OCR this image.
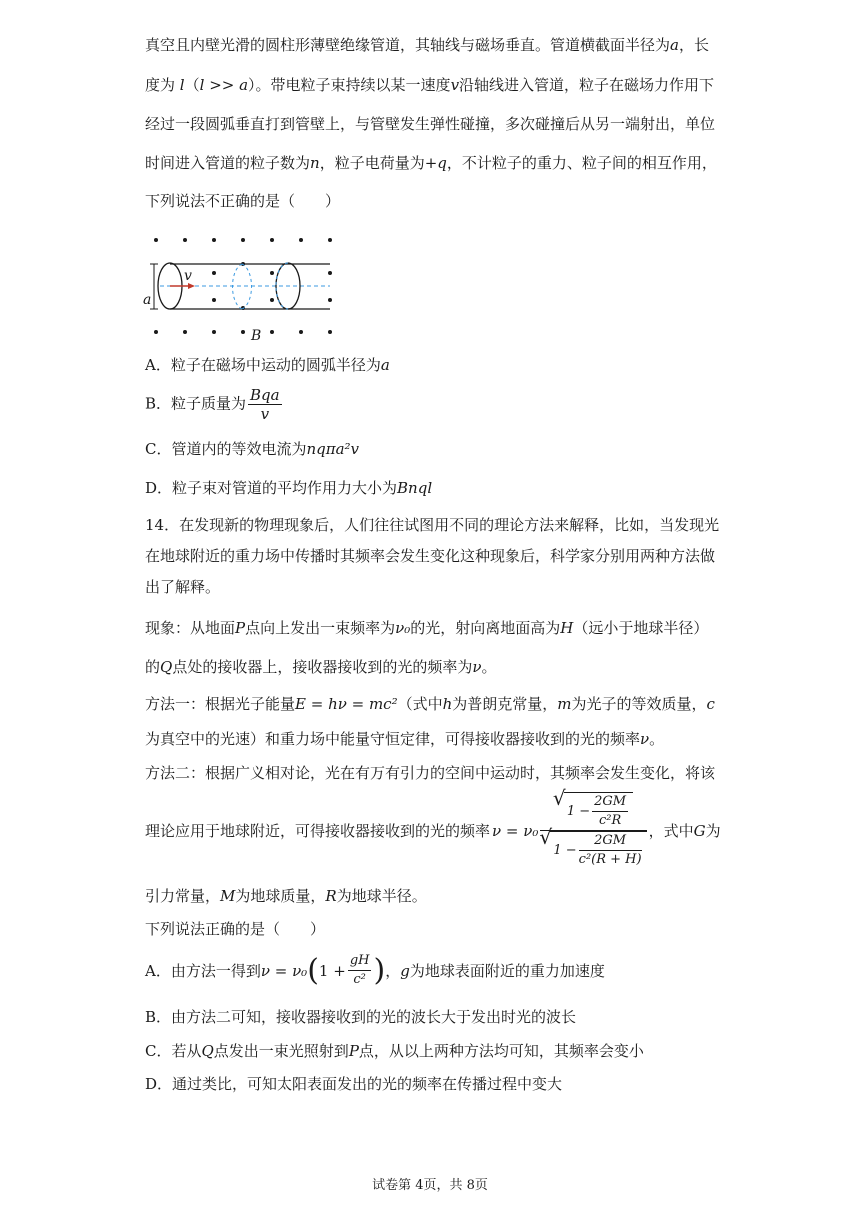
真空且内壁光滑的圆柱形薄壁绝缘管道，其轴线与磁场垂直。管道横截面半径为a，长
度为 l（l >> a）。带电粒子束持续以某一速度v沿轴线进入管道，粒子在磁场力作用下
经过一段圆弧垂直打到管壁上，与管壁发生弹性碰撞，多次碰撞后从另一端射出，单位
时间进入管道的粒子数为n，粒子电荷量为+q，不计粒子的重力、粒子间的相互作用，
下列说法不正确的是（　　）
v
a
B
A．粒子在磁场中运动的圆弧半径为a
B．粒子质量为 $\frac{\text{Bqa}}{v}$
C．管道内的等效电流为nqπa²v
D．粒子束对管道的平均作用力大小为Bnql
14．在发现新的物理现象后，人们往往试图用不同的理论方法来解释，比如，当发现光
在地球附近的重力场中传播时其频率会发生变化这种现象后，科学家分别用两种方法做
出了解释。
现象：从地面P点向上发出一束频率为ν₀的光，射向离地面高为H（远小于地球半径）
的Q点处的接收器上，接收器接收到的光的频率为ν。
方法一：根据光子能量E = hν = mc²（式中h为普朗克常量，m为光子的等效质量，c
为真空中的光速）和重力场中能量守恒定律，可得接收器接收到的光的频率ν。
方法二：根据广义相对论，光在有万有引力的空间中运动时，其频率会发生变化，将该
理论应用于地球附近，可得接收器接收到的光的频率 ν = ν₀
√ $1 - \frac{2GM}{\text{c²R}}$
√ $1 - \frac{2GM}{\text{c²(R + H)}}$ ，式中 G 为
引力常量，M为地球质量，R为地球半径。
下列说法正确的是（　　）
A．由方法一得到 ν = ν₀ ( $1 + \frac{gH}{\text{c²}}$ ) ， g 为地球表面附近的重力加速度
B．由方法二可知，接收器接收到的光的波长大于发出时光的波长
C．若从Q点发出一束光照射到P点，从以上两种方法均可知，其频率会变小
D．通过类比，可知太阳表面发出的光的频率在传播过程中变大
试卷第 4页，共 8页
